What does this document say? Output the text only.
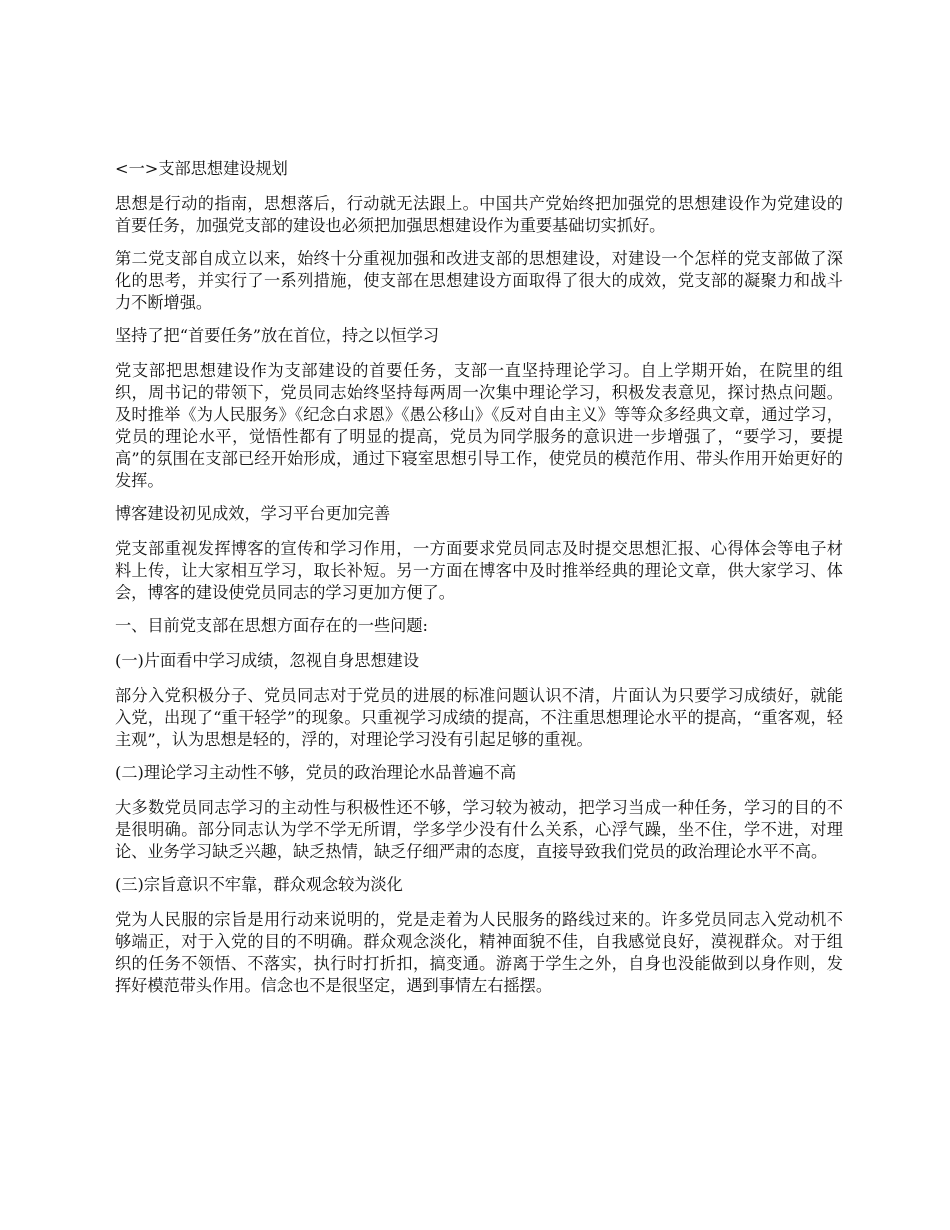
<一>支部思想建设规划

思想是行动的指南，思想落后，行动就无法跟上。中国共产党始终把加强党的思想建设作为党建设的首要任务，加强党支部的建设也必须把加强思想建设作为重要基础切实抓好。

第二党支部自成立以来，始终十分重视加强和改进支部的思想建设，对建设一个怎样的党支部做了深化的思考，并实行了一系列措施，使支部在思想建设方面取得了很大的成效，党支部的凝聚力和战斗力不断增强。

坚持了把“首要任务”放在首位，持之以恒学习

党支部把思想建设作为支部建设的首要任务，支部一直坚持理论学习。自上学期开始，在院里的组织，周书记的带领下，党员同志始终坚持每两周一次集中理论学习，积极发表意见，探讨热点问题。及时推举《为人民服务》《纪念白求恩》《愚公移山》《反对自由主义》等等众多经典文章，通过学习，党员的理论水平，觉悟性都有了明显的提高，党员为同学服务的意识进一步增强了，“要学习，要提高”的氛围在支部已经开始形成，通过下寝室思想引导工作，使党员的模范作用、带头作用开始更好的发挥。

博客建设初见成效，学习平台更加完善

党支部重视发挥博客的宣传和学习作用，一方面要求党员同志及时提交思想汇报、心得体会等电子材料上传，让大家相互学习，取长补短。另一方面在博客中及时推举经典的理论文章，供大家学习、体会，博客的建设使党员同志的学习更加方便了。

一、目前党支部在思想方面存在的一些问题:
(一)片面看中学习成绩，忽视自身思想建设

部分入党积极分子、党员同志对于党员的进展的标准问题认识不清，片面认为只要学习成绩好，就能入党，出现了“重干轻学”的现象。只重视学习成绩的提高，不注重思想理论水平的提高，“重客观，轻主观”，认为思想是轻的，浮的，对理论学习没有引起足够的重视。

(二)理论学习主动性不够，党员的政治理论水品普遍不高

大多数党员同志学习的主动性与积极性还不够，学习较为被动，把学习当成一种任务，学习的目的不是很明确。部分同志认为学不学无所谓，学多学少没有什么关系，心浮气躁，坐不住，学不进，对理论、业务学习缺乏兴趣，缺乏热情，缺乏仔细严肃的态度，直接导致我们党员的政治理论水平不高。

(三)宗旨意识不牢靠，群众观念较为淡化

党为人民服的宗旨是用行动来说明的，党是走着为人民服务的路线过来的。许多党员同志入党动机不够端正，对于入党的目的不明确。群众观念淡化，精神面貌不佳，自我感觉良好，漠视群众。对于组织的任务不领悟、不落实，执行时打折扣，搞变通。游离于学生之外，自身也没能做到以身作则，发挥好模范带头作用。信念也不是很坚定，遇到事情左右摇摆。
